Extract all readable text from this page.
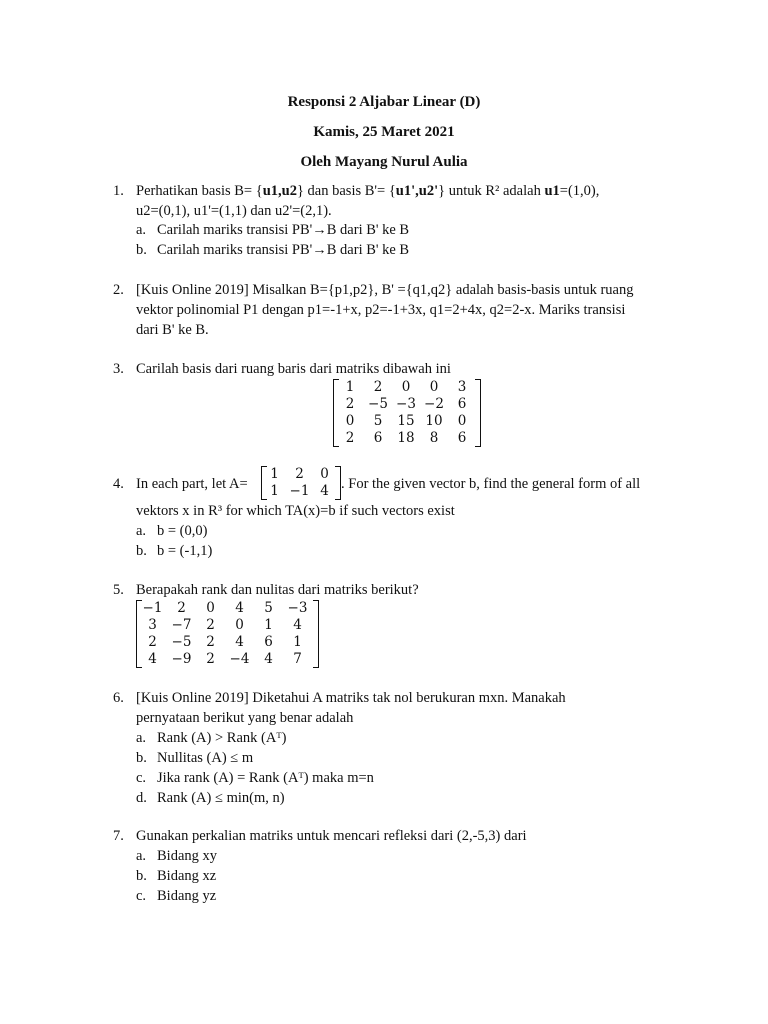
Responsi 2 Aljabar Linear (D)
Kamis, 25 Maret 2021
Oleh Mayang Nurul Aulia
1. Perhatikan basis B= {u1,u2} dan basis B'= {u1',u2'} untuk R² adalah u1=(1,0),
u2=(0,1), u1'=(1,1) dan u2'=(2,1).
a. Carilah mariks transisi PB'→B dari B' ke B
b. Carilah mariks transisi PB'→B dari B' ke B
2. [Kuis Online 2019] Misalkan B={p1,p2}, B' ={q1,q2} adalah basis-basis untuk ruang
vektor polinomial P1 dengan p1=-1+x, p2=-1+3x, q1=2+4x, q2=2-x. Mariks transisi
dari B' ke B.
3. Carilah basis dari ruang baris dari matriks dibawah ini
1	2	0	0	3
2	−5 −3 −2	6
0	5	15 10	0
2	6	18	8	6
4. In each part, let A=
1	2	0
1 −1 4 . For the given vector b, find the general form of all
vektors x in R³ for which TA(x)=b if such vectors exist
a. b = (0,0)
b. b = (-1,1)
5. Berapakah rank dan nulitas dari matriks berikut?
−1	2	0	4	5	−3
3	−7	2	0	1	4
2	−5	2	4	6	1
4	−9	2	−4	4	7
6. [Kuis Online 2019] Diketahui A matriks tak nol berukuran mxn. Manakah
pernyataan berikut yang benar adalah
a. Rank (A) > Rank (Aᵀ)
b. Nullitas (A) ≤ m
c. Jika rank (A) = Rank (Aᵀ) maka m=n
d. Rank (A) ≤ min(m, n)
7. Gunakan perkalian matriks untuk mencari refleksi dari (2,-5,3) dari
a. Bidang xy
b. Bidang xz
c. Bidang yz
